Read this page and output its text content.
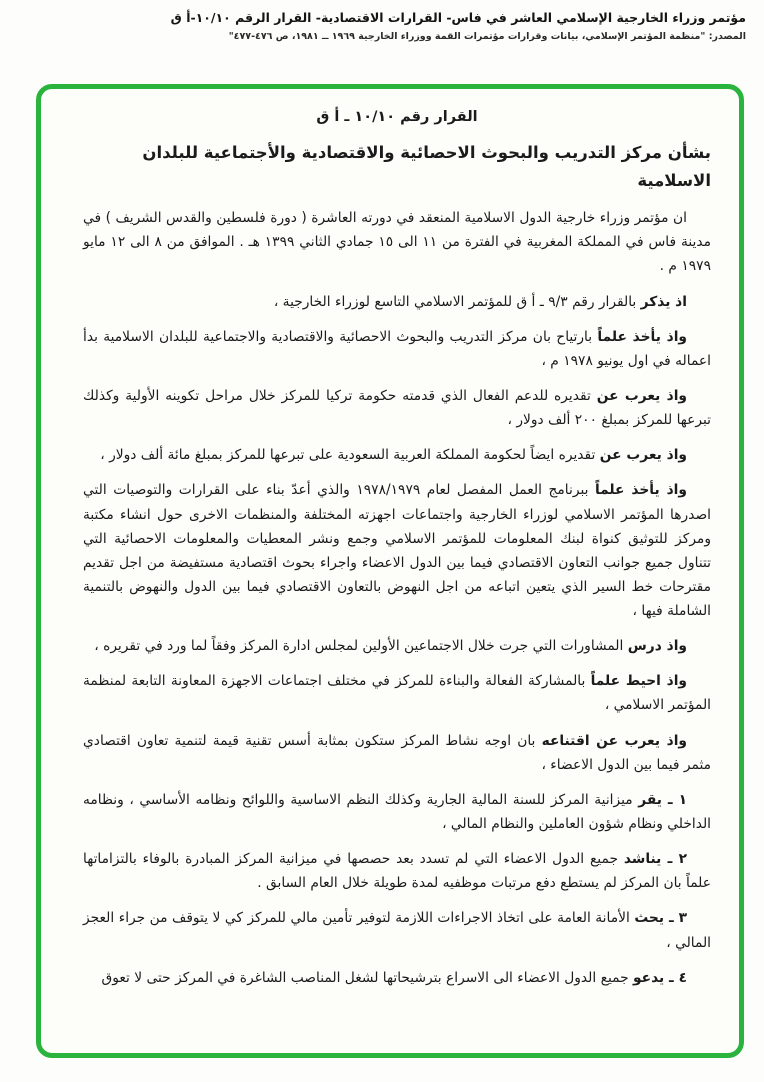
مؤتمر وزراء الخارجية الإسلامي العاشر في فاس- القرارات الاقتصادية- القرار الرقم ١٠/١٠-أ ق
المصدر: "منظمة المؤتمر الإسلامي، بيانات وقرارات مؤتمرات القمة ووزراء الخارجية ١٩٦٩ ــ ١٩٨١، ص ٤٧٦-٤٧٧"
القرار رقم ١٠/١٠ ـ أ ق
بشأن مركز التدريب والبحوث الاحصائية والاقتصادية والأجتماعية للبلدان الاسلامية

ان مؤتمر وزراء خارجية الدول الاسلامية المنعقد في دورته العاشرة ( دورة فلسطين والقدس الشريف ) في مدينة فاس في المملكة المغربية في الفترة من ١١ الى ١٥ جمادي الثاني ١٣٩٩ هـ . الموافق من ٨ الى ١٢ مايو ١٩٧٩ م .

اذ يذكر بالقرار رقم ٩/٣ ـ أ ق للمؤتمر الاسلامي التاسع لوزراء الخارجية ،

واذ يأخذ علماً بارتياح بان مركز التدريب والبحوث الاحصائية والاقتصادية والاجتماعية للبلدان الاسلامية بدأ اعماله في اول يونيو ١٩٧٨ م ،

واذ يعرب عن تقديره للدعم الفعال الذي قدمته حكومة تركيا للمركز خلال مراحل تكوينه الأولية وكذلك تبرعها للمركز بمبلغ ٢٠٠ ألف دولار ،

واذ يعرب عن تقديره ايضاً لحكومة المملكة العربية السعودية على تبرعها للمركز بمبلغ مائة ألف دولار ،

واذ يأخذ علماً ببرنامج العمل المفصل لعام ١٩٧٨/١٩٧٩ والذي أعدّ بناء على القرارات والتوصيات التي اصدرها المؤتمر الاسلامي لوزراء الخارجية واجتماعات اجهزته المختلفة والمنظمات الاخرى حول انشاء مكتبة ومركز للتوثيق كنواة لبنك المعلومات للمؤتمر الاسلامي وجمع ونشر المعطيات والمعلومات الاحصائية التي تتناول جميع جوانب التعاون الاقتصادي فيما بين الدول الاعضاء واجراء بحوث اقتصادية مستفيضة من اجل تقديم مقترحات خط السير الذي يتعين اتباعه من اجل النهوض بالتعاون الاقتصادي فيما بين الدول والنهوض بالتنمية الشاملة فيها ،

واذ درس المشاورات التي جرت خلال الاجتماعين الأولين لمجلس ادارة المركز وفقاً لما ورد في تقريره ،

واذ احيط علماً بالمشاركة الفعالة والبناءة للمركز في مختلف اجتماعات الاجهزة المعاونة التابعة لمنظمة المؤتمر الاسلامي ،

واذ يعرب عن اقتناعه بان اوجه نشاط المركز ستكون بمثابة أسس تقنية قيمة لتنمية تعاون اقتصادي مثمر فيما بين الدول الاعضاء ،

١ ـ يقر ميزانية المركز للسنة المالية الجارية وكذلك النظم الاساسية واللوائح ونظامه الأساسي ، ونظامه الداخلي ونظام شؤون العاملين والنظام المالي ،

٢ ـ يناشد جميع الدول الاعضاء التي لم تسدد بعد حصصها في ميزانية المركز المبادرة بالوفاء بالتزاماتها علماً بان المركز لم يستطع دفع مرتبات موظفيه لمدة طويلة خلال العام السابق .

٣ ـ يحث الأمانة العامة على اتخاذ الاجراءات اللازمة لتوفير تأمين مالي للمركز كي لا يتوقف من جراء العجز المالي ،

٤ ـ يدعو جميع الدول الاعضاء الى الاسراع بترشيحاتها لشغل المناصب الشاغرة في المركز حتى لا تعوق
